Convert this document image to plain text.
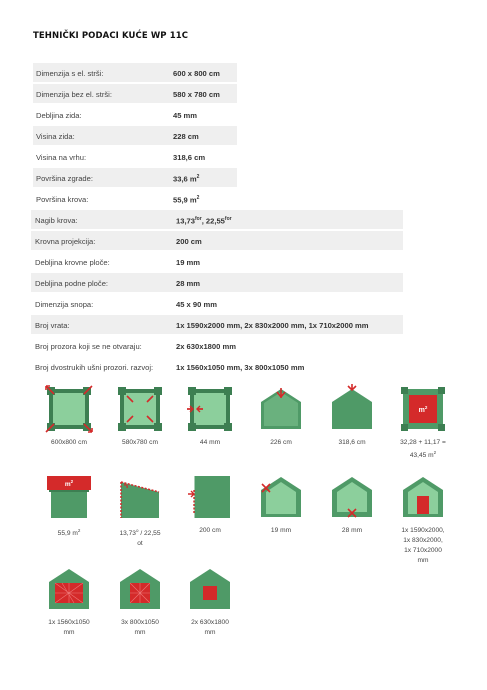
TEHNIČKI PODACI KUĆE WP 11C
Dimenzija s el. strši:	600 x 800 cm
Dimenzija bez el. strši:	580 x 780 cm
Debljina zida:	45 mm
Visina zida:	228 cm
Visina na vrhu:	318,6 cm
Površina zgrade:	33,6 $m^2$
Površina krova:	55,9 $m^2$
Nagib krova:	$13,73^{for}$, $22,55^{for}$
Krovna projekcija:	200 cm
Debljina krovne ploče:	19 mm
Debljina podne ploče:	28 mm
Dimenzija snopa:	45 x 90 mm
Broj vrata:	1x 1590x2000 mm, 2x 830x2000 mm, 1x 710x2000 mm
Broj prozora koji se ne otvaraju:	2x 630x1800 mm
Broj dvostrukih ušni prozori. razvoj:	1x 1560x1050 mm, 3x 800x1050 mm
600x800 cm	580x780 cm	44 mm	226 cm	318,6 cm
$m^2$
32,28 + 11,17 =
43,45 $m^2$
$m^2$
55,9 $m^2$	13,73$^o$ / 22,55
ot
200 cm	19 mm	28 mm	1x 1590x2000,
1x 830x2000,
1x 710x2000
mm
1x 1560x1050
mm
3x 800x1050
mm
2x 630x1800
mm
